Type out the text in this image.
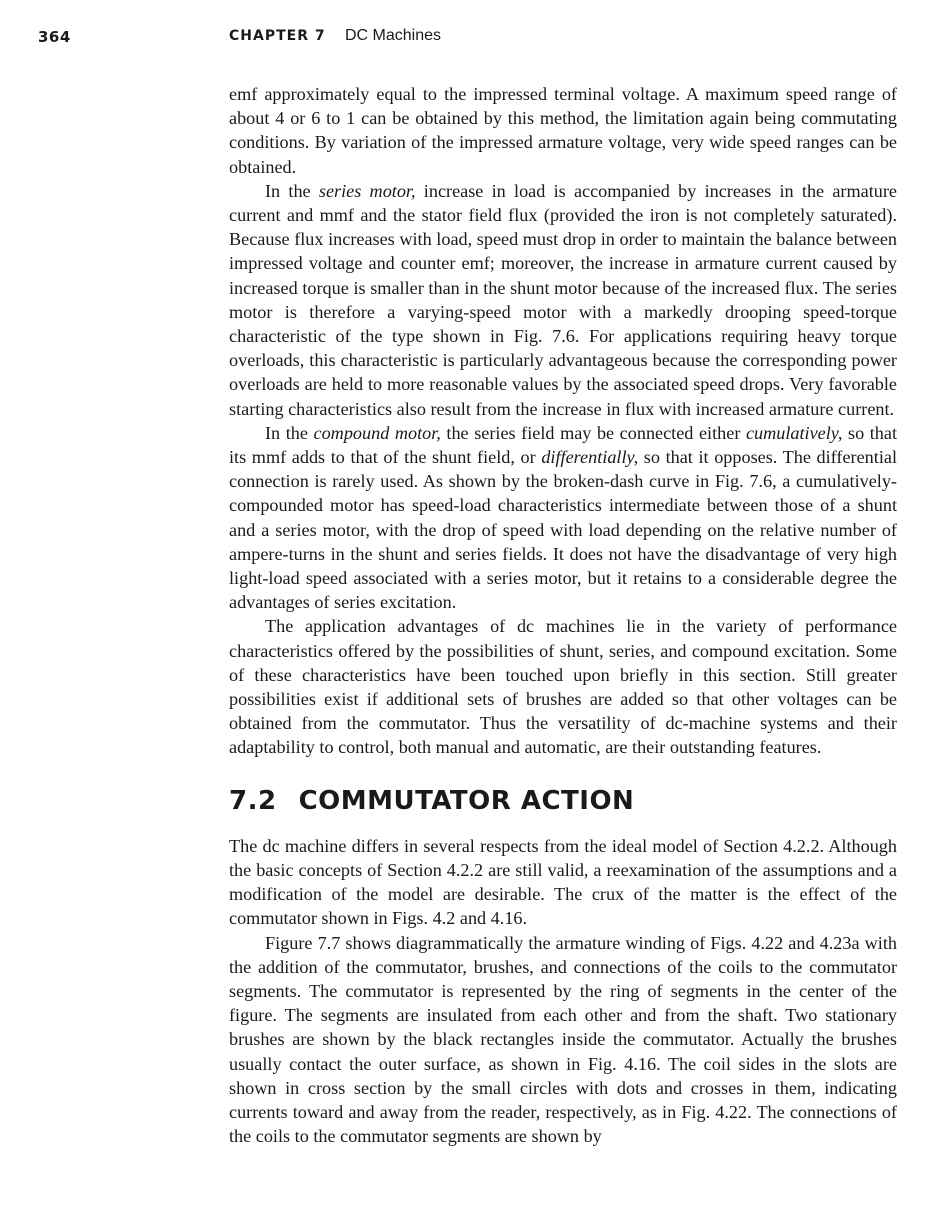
364	CHAPTER 7 DC Machines

emf approximately equal to the impressed terminal voltage. A maximum speed range of about 4 or 6 to 1 can be obtained by this method, the limitation again being commutating conditions. By variation of the impressed armature voltage, very wide speed ranges can be obtained.

In the series motor, increase in load is accompanied by increases in the armature current and mmf and the stator field flux (provided the iron is not completely saturated). Because flux increases with load, speed must drop in order to maintain the balance between impressed voltage and counter emf; moreover, the increase in armature current caused by increased torque is smaller than in the shunt motor because of the increased flux. The series motor is therefore a varying-speed motor with a markedly drooping speed-torque characteristic of the type shown in Fig. 7.6. For applications requiring heavy torque overloads, this characteristic is particularly advantageous because the corresponding power overloads are held to more reasonable values by the associated speed drops. Very favorable starting characteristics also result from the increase in flux with increased armature current.

In the compound motor, the series field may be connected either cumulatively, so that its mmf adds to that of the shunt field, or differentially, so that it opposes. The differential connection is rarely used. As shown by the broken-dash curve in Fig. 7.6, a cumulatively-compounded motor has speed-load characteristics intermediate between those of a shunt and a series motor, with the drop of speed with load depending on the relative number of ampere-turns in the shunt and series fields. It does not have the disadvantage of very high light-load speed associated with a series motor, but it retains to a considerable degree the advantages of series excitation.

The application advantages of dc machines lie in the variety of performance characteristics offered by the possibilities of shunt, series, and compound excitation. Some of these characteristics have been touched upon briefly in this section. Still greater possibilities exist if additional sets of brushes are added so that other voltages can be obtained from the commutator. Thus the versatility of dc-machine systems and their adaptability to control, both manual and automatic, are their outstanding features.

7.2 COMMUTATOR ACTION

The dc machine differs in several respects from the ideal model of Section 4.2.2. Although the basic concepts of Section 4.2.2 are still valid, a reexamination of the assumptions and a modification of the model are desirable. The crux of the matter is the effect of the commutator shown in Figs. 4.2 and 4.16.

Figure 7.7 shows diagrammatically the armature winding of Figs. 4.22 and 4.23a with the addition of the commutator, brushes, and connections of the coils to the commutator segments. The commutator is represented by the ring of segments in the center of the figure. The segments are insulated from each other and from the shaft. Two stationary brushes are shown by the black rectangles inside the commutator. Actually the brushes usually contact the outer surface, as shown in Fig. 4.16. The coil sides in the slots are shown in cross section by the small circles with dots and crosses in them, indicating currents toward and away from the reader, respectively, as in Fig. 4.22. The connections of the coils to the commutator segments are shown by
